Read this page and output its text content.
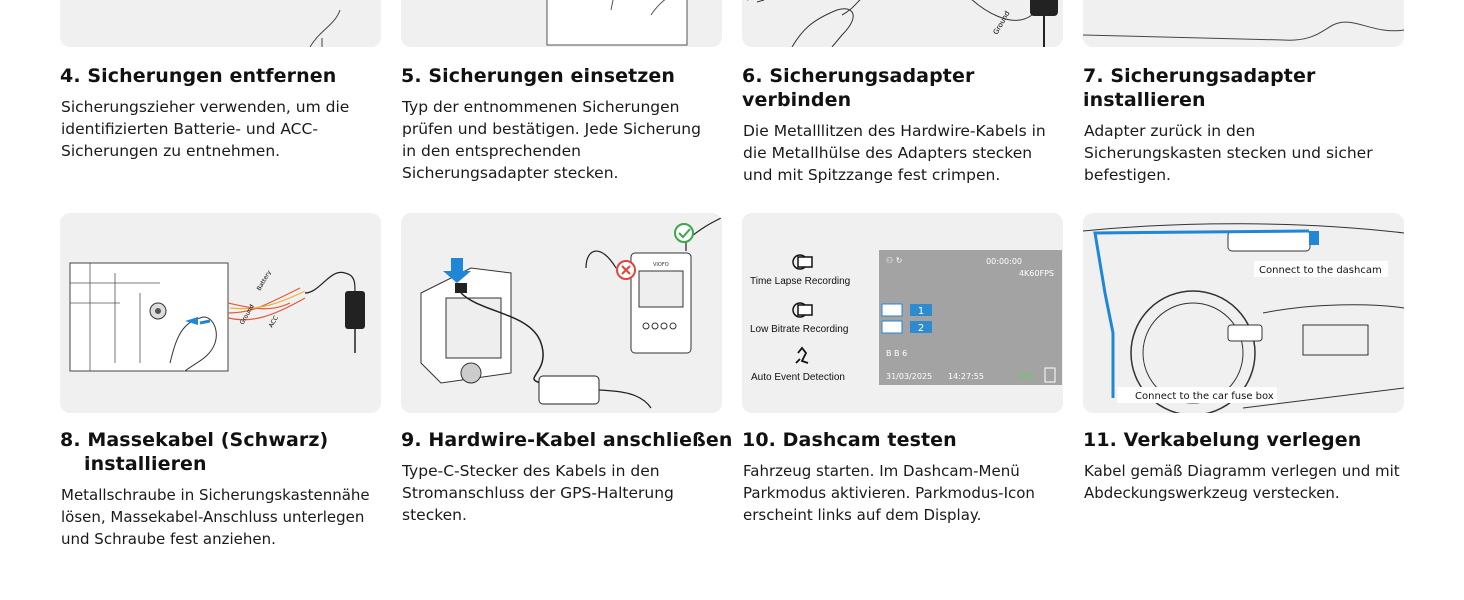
Ground
4. Sicherungen entfernen

Sicherungszieher verwenden, um die identifizierten Batterie- und ACC-Sicherungen zu entnehmen.

5. Sicherungen einsetzen

Typ der entnommenen Sicherungen prüfen und bestätigen. Jede Sicherung in den entsprechenden Sicherungsadapter stecken.

6. Sicherungsadapter verbinden

Die Metalllitzen des Hardwire-Kabels in die Metallhülse des Adapters stecken und mit Spitzzange fest crimpen.

7. Sicherungsadapter installieren

Adapter zurück in den Sicherungskasten stecken und sicher befestigen.

Ground
Battery
ACC
VIOFO
Time Lapse Recording
Low Bitrate Recording
Auto Event Detection
⚇ ↻	00:00:00
4K60FPS
1
2
B B 6
31/03/2025 14:27:55	GPS
Connect to the dashcam
Connect to the car fuse box
8. Massekabel (Schwarz)
installieren

Metallschraube in Sicherungskastennähe lösen, Massekabel-Anschluss unterlegen und Schraube fest anziehen.

9. Hardwire-Kabel anschließen

Type-C-Stecker des Kabels in den Stromanschluss der GPS-Halterung stecken.

10. Dashcam testen

Fahrzeug starten. Im Dashcam-Menü Parkmodus aktivieren. Parkmodus-Icon erscheint links auf dem Display.

11. Verkabelung verlegen

Kabel gemäß Diagramm verlegen und mit Abdeckungswerkzeug verstecken.
